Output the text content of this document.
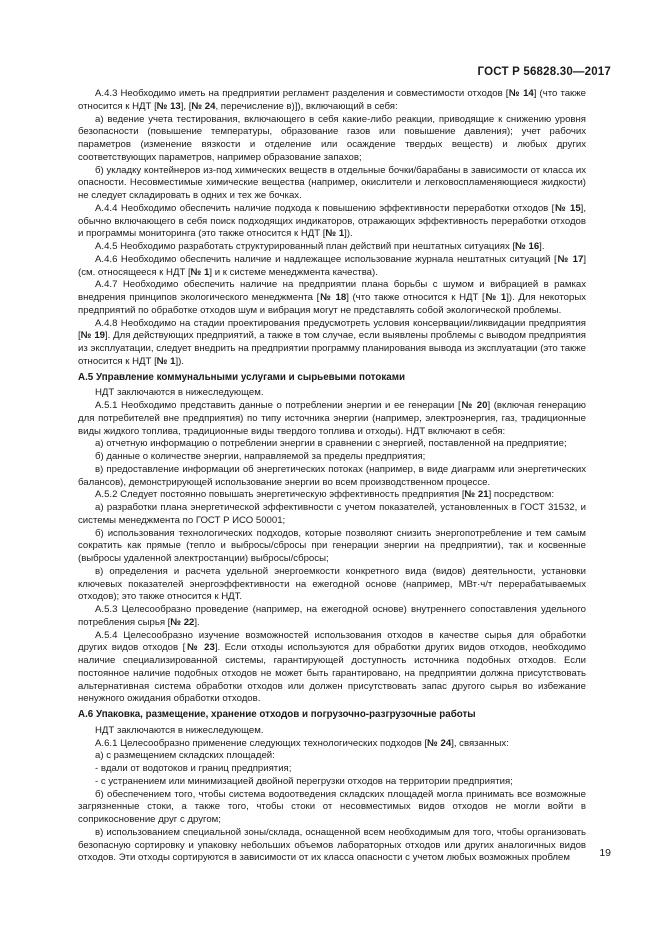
ГОСТ Р 56828.30—2017

А.4.3 Необходимо иметь на предприятии регламент разделения и совместимости отходов [№ 14] (что также относится к НДТ [№ 13], [№ 24, перечисление в)]), включающий в себя:

а) ведение учета тестирования, включающего в себя какие-либо реакции, приводящие к снижению уровня безопасности (повышение температуры, образование газов или повышение давления); учет рабочих параметров (изменение вязкости и отделение или осаждение твердых веществ) и любых других соответствующих параметров, например образование запахов;

б) укладку контейнеров из-под химических веществ в отдельные бочки/барабаны в зависимости от класса их опасности. Несовместимые химические вещества (например, окислители и легковоспламеняющиеся жидкости) не следует складировать в одних и тех же бочках.

А.4.4 Необходимо обеспечить наличие подхода к повышению эффективности переработки отходов [№ 15], обычно включающего в себя поиск подходящих индикаторов, отражающих эффективность переработки отходов и программы мониторинга (это также относится к НДТ [№ 1]).

А.4.5 Необходимо разработать структурированный план действий при нештатных ситуациях [№ 16].

А.4.6 Необходимо обеспечить наличие и надлежащее использование журнала нештатных ситуаций [№ 17] (см. относящееся к НДТ [№ 1] и к системе менеджмента качества).

А.4.7 Необходимо обеспечить наличие на предприятии плана борьбы с шумом и вибрацией в рамках внедрения принципов экологического менеджмента [№ 18] (что также относится к НДТ [№ 1]). Для некоторых предприятий по обработке отходов шум и вибрация могут не представлять собой экологической проблемы.

А.4.8 Необходимо на стадии проектирования предусмотреть условия консервации/ликвидации предприятия [№ 19]. Для действующих предприятий, а также в том случае, если выявлены проблемы с выводом предприятия из эксплуатации, следует внедрить на предприятии программу планирования вывода из эксплуатации (это также относится к НДТ [№ 1]).

А.5 Управление коммунальными услугами и сырьевыми потоками

НДТ заключаются в нижеследующем.

А.5.1 Необходимо представить данные о потреблении энергии и ее генерации [№ 20] (включая генерацию для потребителей вне предприятия) по типу источника энергии (например, электроэнергия, газ, традиционные виды жидкого топлива, традиционные виды твердого топлива и отходы). НДТ включают в себя:

а) отчетную информацию о потреблении энергии в сравнении с энергией, поставленной на предприятие;

б) данные о количестве энергии, направляемой за пределы предприятия;

в) предоставление информации об энергетических потоках (например, в виде диаграмм или энергетических балансов), демонстрирующей использование энергии во всем производственном процессе.

А.5.2 Следует постоянно повышать энергетическую эффективность предприятия [№ 21] посредством:

а) разработки плана энергетической эффективности с учетом показателей, установленных в ГОСТ 31532, и системы менеджмента по ГОСТ Р ИСО 50001;

б) использования технологических подходов, которые позволяют снизить энергопотребление и тем самым сократить как прямые (тепло и выбросы/сбросы при генерации энергии на предприятии), так и косвенные (выбросы удаленной электростанции) выбросы/сбросы;

в) определения и расчета удельной энергоемкости конкретного вида (видов) деятельности, установки ключевых показателей энергоэффективности на ежегодной основе (например, МВт·ч/т перерабатываемых отходов); это также относится к НДТ.

А.5.3 Целесообразно проведение (например, на ежегодной основе) внутреннего сопоставления удельного потребления сырья [№ 22].

А.5.4 Целесообразно изучение возможностей использования отходов в качестве сырья для обработки других видов отходов [№ 23]. Если отходы используются для обработки других видов отходов, необходимо наличие специализированной системы, гарантирующей доступность источника подобных отходов. Если постоянное наличие подобных отходов не может быть гарантировано, на предприятии должна присутствовать альтернативная система обработки отходов или должен присутствовать запас другого сырья во избежание ненужного ожидания обработки отходов.

А.6 Упаковка, размещение, хранение отходов и погрузочно-разгрузочные работы

НДТ заключаются в нижеследующем.

А.6.1 Целесообразно применение следующих технологических подходов [№ 24], связанных:

а) с размещением складских площадей:

- вдали от водотоков и границ предприятия;

- с устранением или минимизацией двойной перегрузки отходов на территории предприятия;

б) обеспечением того, чтобы система водоотведения складских площадей могла принимать все возможные загрязненные стоки, а также того, чтобы стоки от несовместимых видов отходов не могли войти в соприкосновение друг с другом;

в) использованием специальной зоны/склада, оснащенной всем необходимым для того, чтобы организовать безопасную сортировку и упаковку небольших объемов лабораторных отходов или других аналогичных видов отходов. Эти отходы сортируются в зависимости от их класса опасности с учетом любых возможных проблем	19
